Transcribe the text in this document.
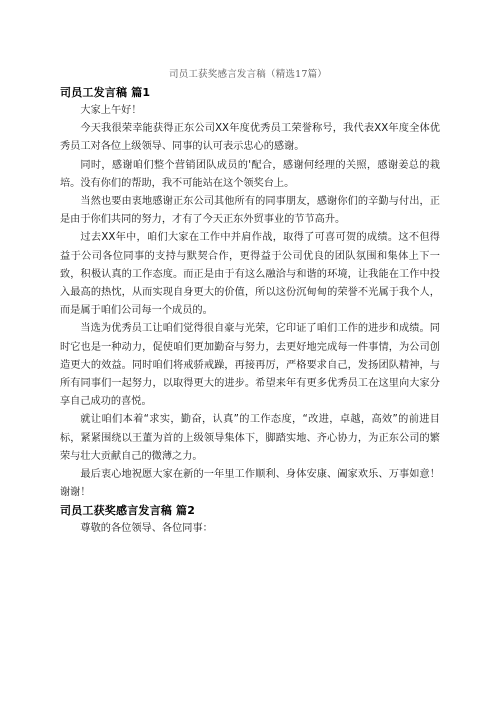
司员工获奖感言发言稿（精选17篇）
司员工发言稿 篇1

大家上午好！

今天我很荣幸能获得正东公司XX年度优秀员工荣誉称号，我代表XX年度全体优秀员工对各位上级领导、同事的认可表示忠心的感谢。

同时，感谢咱们整个营销团队成员的'配合，感谢何经理的关照，感谢姜总的栽培。没有你们的帮助，我不可能站在这个领奖台上。

当然也要由衷地感谢正东公司其他所有的同事朋友，感谢你们的辛勤与付出，正是由于你们共同的努力，才有了今天正东外贸事业的节节高升。

过去XX年中，咱们大家在工作中并肩作战，取得了可喜可贺的成绩。这不但得益于公司各位同事的支持与默契合作，更得益于公司优良的团队氛围和集体上下一致，积极认真的工作态度。而正是由于有这么融洽与和谐的环境，让我能在工作中投入最高的热忱，从而实现自身更大的价值，所以这份沉甸甸的荣誉不光属于我个人，而是属于咱们公司每一个成员的。

当选为优秀员工让咱们觉得很自豪与光荣，它印证了咱们工作的进步和成绩。同时它也是一种动力，促使咱们更加勤奋与努力，去更好地完成每一件事情，为公司创造更大的效益。同时咱们将戒骄戒躁，再接再厉，严格要求自己，发扬团队精神，与所有同事们一起努力，以取得更大的进步。希望来年有更多优秀员工在这里向大家分享自己成功的喜悦。

就让咱们本着“求实，勤奋，认真”的工作态度，“改进，卓越，高效”的前进目标，紧紧围绕以王董为首的上级领导集体下，脚踏实地、齐心协力，为正东公司的繁荣与壮大贡献自己的微薄之力。

最后衷心地祝愿大家在新的一年里工作顺利、身体安康、阖家欢乐、万事如意！谢谢！

司员工获奖感言发言稿 篇2

尊敬的各位领导、各位同事：
